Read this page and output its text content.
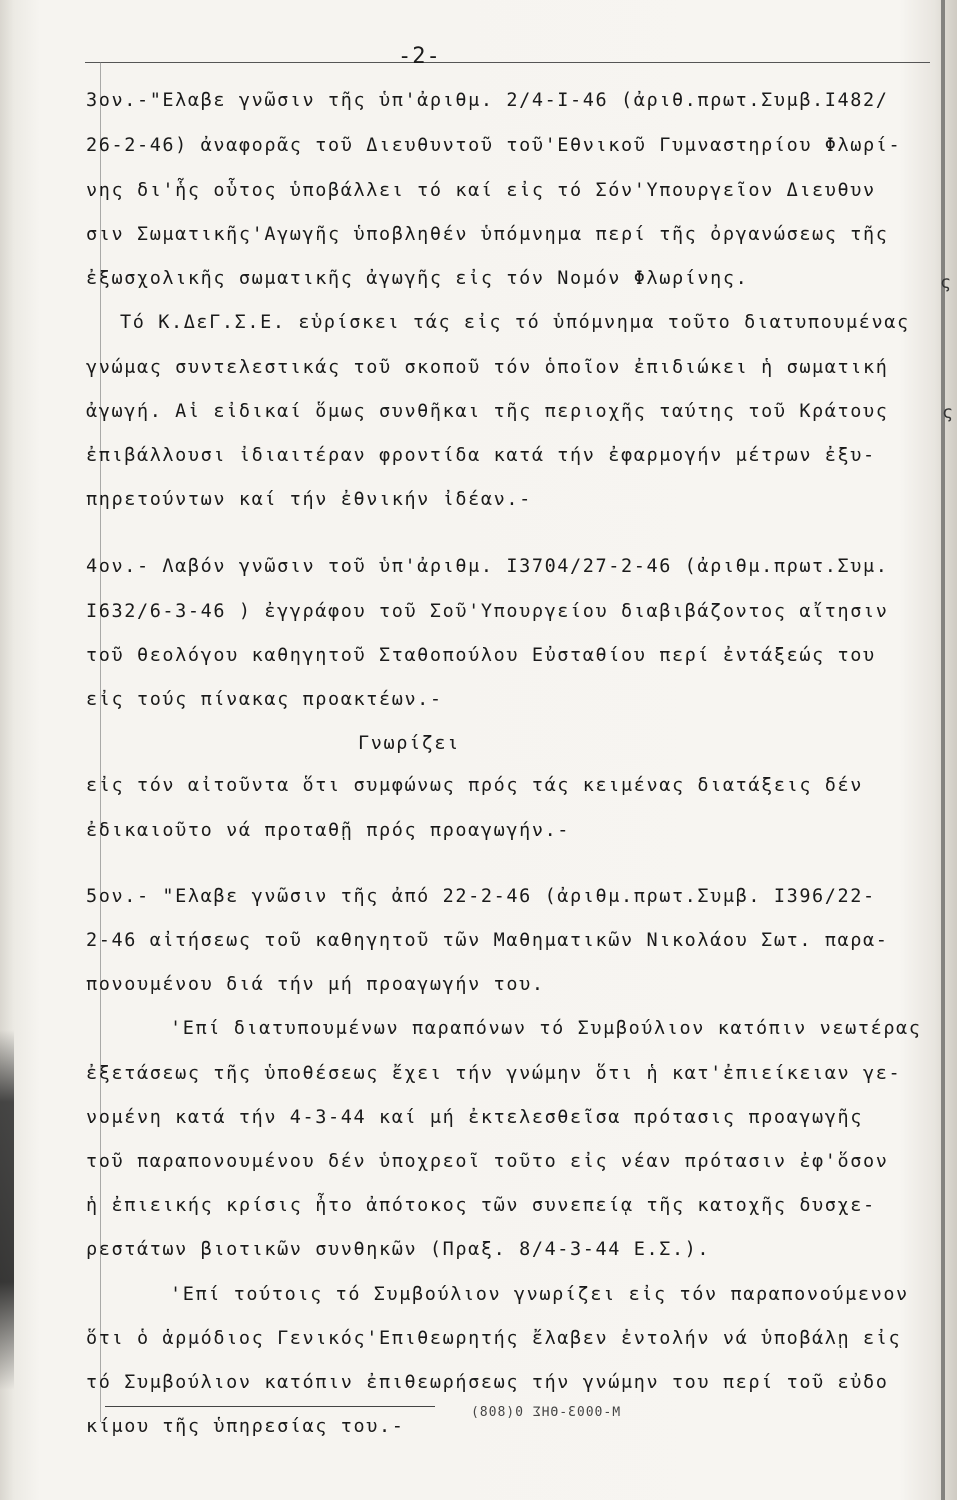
-2-
3ον.-"Ελαβε γνῶσιν τῆς ὑπ'ἀριθμ. 2/4-I-46 (ἀριθ.πρωτ.Συμβ.Ι482/
26-2-46) ἀναφορᾶς τοῦ Διευθυντοῦ τοῦ'Εθνικοῦ Γυμναστηρίου Φλωρί-
νης δι'ἧς οὗτος ὑποβάλλει τό καί εἰς τό Σόν'Υπουργεῖον Διευθυν
σιν Σωματικῆς'Αγωγῆς ὑποβληθέν ὑπόμνημα περί τῆς ὀργανώσεως τῆς
ἐξωσχολικῆς σωματικῆς ἀγωγῆς εἰς τόν Νομόν Φλωρίνης.
Τό Κ.ΔεΓ.Σ.Ε. εὑρίσκει τάς εἰς τό ὑπόμνημα τοῦτο διατυπουμένας
γνώμας συντελεστικάς τοῦ σκοποῦ τόν ὁποῖον ἐπιδιώκει ἡ σωματική
ἀγωγή. Αἱ εἰδικαί ὅμως συνθῆκαι τῆς περιοχῆς ταύτης τοῦ Κράτους
ἐπιβάλλουσι ἰδιαιτέραν φροντίδα κατά τήν ἐφαρμογήν μέτρων ἐξυ-
πηρετούντων καί τήν ἐθνικήν ἰδέαν.-
4ον.- Λαβόν γνῶσιν τοῦ ὑπ'ἀριθμ. Ι3704/27-2-46 (ἀριθμ.πρωτ.Συμ.
Ι632/6-3-46 ) ἐγγράφου τοῦ Σοῦ'Υπουργείου διαβιβάζοντος αἴτησιν
τοῦ θεολόγου καθηγητοῦ Σταθοπούλου Εὐσταθίου περί ἐντάξεώς του
εἰς τούς πίνακας προακτέων.-
Γνωρίζει
εἰς τόν αἰτοῦντα ὅτι συμφώνως πρός τάς κειμένας διατάξεις δέν
ἐδικαιοῦτο νά προταθῇ πρός προαγωγήν.-
5ον.- "Ελαβε γνῶσιν τῆς ἀπό 22-2-46 (ἀριθμ.πρωτ.Συμβ. Ι396/22-
2-46 αἰτήσεως τοῦ καθηγητοῦ τῶν Μαθηματικῶν Νικολάου Σωτ. παρα-
πονουμένου διά τήν μή προαγωγήν του.
'Επί διατυπουμένων παραπόνων τό Συμβούλιον κατόπιν νεωτέρας
ἐξετάσεως τῆς ὑποθέσεως ἔχει τήν γνώμην ὅτι ἡ κατ'ἐπιείκειαν γε-
νομένη κατά τήν 4-3-44 καί μή ἐκτελεσθεῖσα πρότασις προαγωγῆς
τοῦ παραπονουμένου δέν ὑποχρεοῖ τοῦτο εἰς νέαν πρότασιν ἐφ'ὅσον
ἡ ἐπιεικής κρίσις ἦτο ἀπότοκος τῶν συνεπείᾳ τῆς κατοχῆς δυσχε-
ρεστάτων βιοτικῶν συνθηκῶν (Πραξ. 8/4-3-44 Ε.Σ.).
'Επί τούτοις τό Συμβούλιον γνωρίζει εἰς τόν παραπονούμενον
ὅτι ὁ ἁρμόδιος Γενικός'Επιθεωρητής ἔλαβεν ἐντολήν νά ὑποβάλῃ εἰς
τό Συμβούλιον κατόπιν ἐπιθεωρήσεως τήν γνώμην του περί τοῦ εὐδο
κίμου τῆς ὑπηρεσίας του.-
Μ-0003-ΘΗΣ 0(808)
ς
ς
